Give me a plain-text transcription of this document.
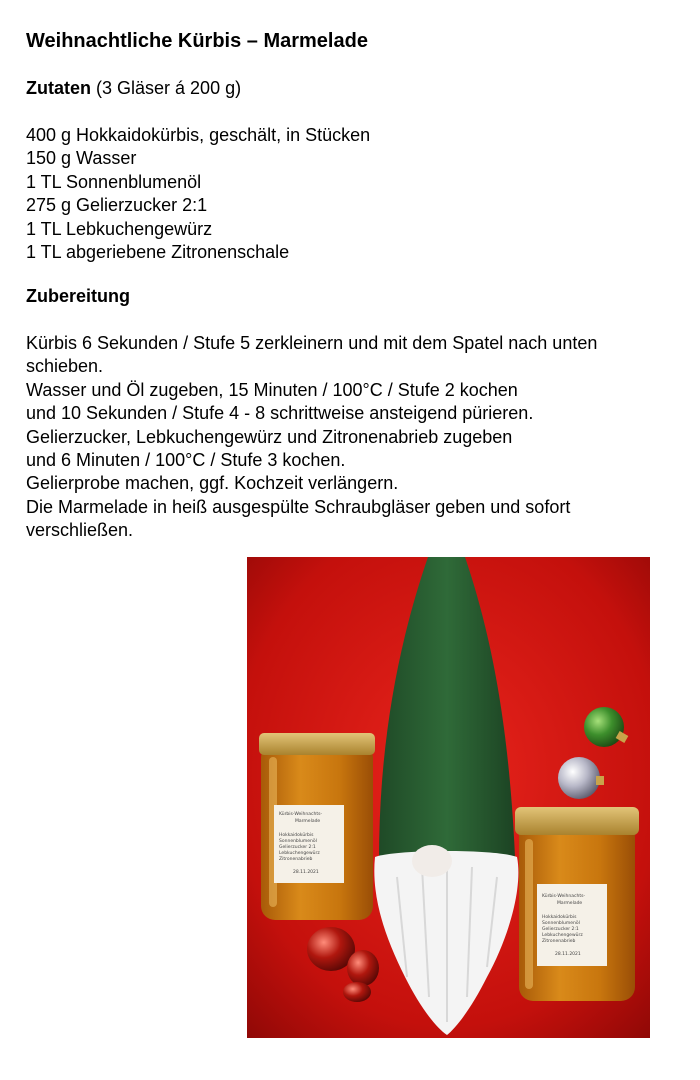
Weihnachtliche Kürbis – Marmelade

Zutaten (3 Gläser á 200 g)

400 g Hokkaidokürbis, geschält, in Stücken
150 g Wasser
1 TL Sonnenblumenöl
275 g Gelierzucker 2:1
1 TL Lebkuchengewürz
1 TL abgeriebene Zitronenschale

Zubereitung

Kürbis 6 Sekunden / Stufe 5 zerkleinern und mit dem Spatel nach unten schieben.

Wasser und Öl zugeben, 15 Minuten / 100°C / Stufe 2 kochen

und 10 Sekunden / Stufe 4 - 8 schrittweise ansteigend pürieren.

Gelierzucker, Lebkuchengewürz und Zitronenabrieb zugeben

und 6 Minuten / 100°C / Stufe 3 kochen.

Gelierprobe machen, ggf. Kochzeit verlängern.

Die Marmelade in heiß ausgespülte Schraubgläser geben und sofort verschließen.

Kürbis-Weihnachts-
Marmelade
Hokkaidokürbis
Sonnenblumenöl
Gelierzucker 2:1
Lebkuchengewürz
Zitronenabrieb
28.11.2021
Kürbis-Weihnachts-
Marmelade
Hokkaidokürbis
Sonnenblumenöl
Gelierzucker 2:1
Lebkuchengewürz
Zitronenabrieb
28.11.2021
